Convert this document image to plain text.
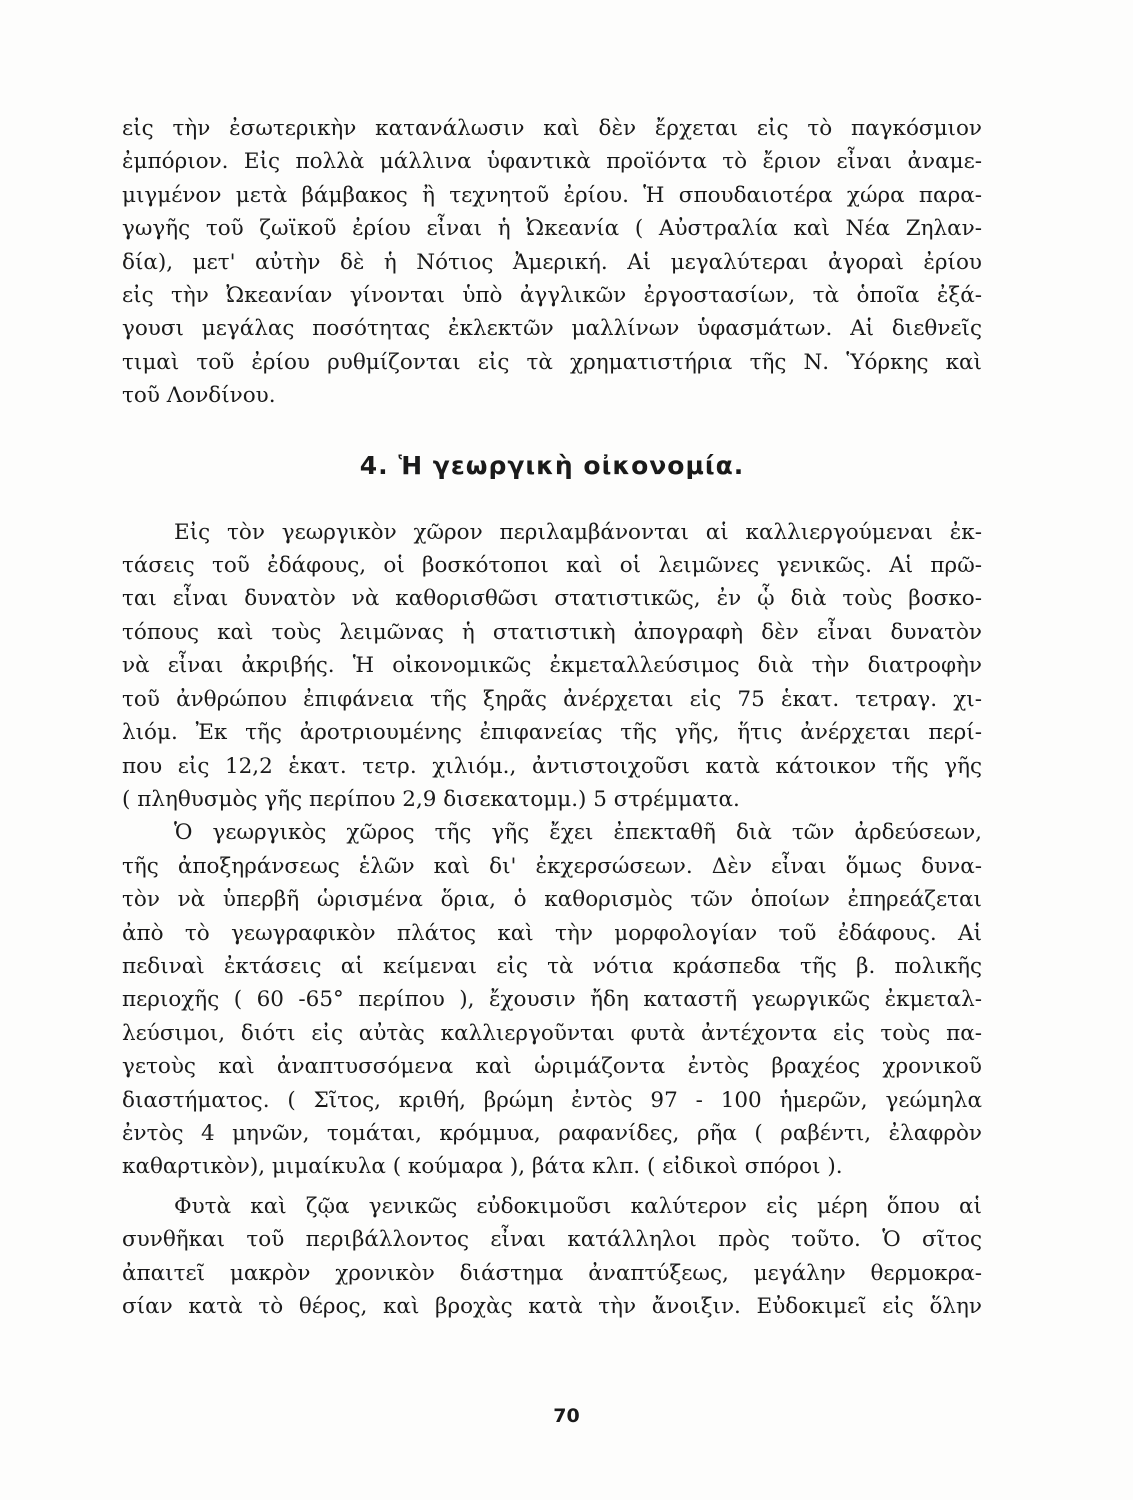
εἰς τὴν ἐσωτερικὴν κατανάλωσιν καὶ δὲν ἔρχεται εἰς τὸ παγκόσμιον
ἐμπόριον. Εἰς πολλὰ μάλλινα ὑφαντικὰ προϊόντα τὸ ἔριον εἶναι ἀναμε-
μιγμένον μετὰ βάμβακος ἢ τεχνητοῦ ἐρίου. Ἡ σπουδαιοτέρα χώρα παρα-
γωγῆς τοῦ ζωϊκοῦ ἐρίου εἶναι ἡ Ὠκεανία ( Αὐστραλία καὶ Νέα Ζηλαν-
δία), μετ' αὐτὴν δὲ ἡ Νότιος Ἀμερική. Αἱ μεγαλύτεραι ἀγοραὶ ἐρίου
εἰς τὴν Ὠκεανίαν γίνονται ὑπὸ ἀγγλικῶν ἐργοστασίων, τὰ ὁποῖα ἐξά-
γουσι μεγάλας ποσότητας ἐκλεκτῶν μαλλίνων ὑφασμάτων. Αἱ διεθνεῖς
τιμαὶ τοῦ ἐρίου ρυθμίζονται εἰς τὰ χρηματιστήρια τῆς Ν. Ὑόρκης καὶ
τοῦ Λονδίνου.
4. Ἡ γεωργικὴ οἰκονομία.
Εἰς τὸν γεωργικὸν χῶρον περιλαμβάνονται αἱ καλλιεργούμεναι ἐκ-
τάσεις τοῦ ἐδάφους, οἱ βοσκότοποι καὶ οἱ λειμῶνες γενικῶς. Αἱ πρῶ-
ται εἶναι δυνατὸν νὰ καθορισθῶσι στατιστικῶς, ἐν ᾧ διὰ τοὺς βοσκο-
τόπους καὶ τοὺς λειμῶνας ἡ στατιστικὴ ἀπογραφὴ δὲν εἶναι δυνατὸν
νὰ εἶναι ἀκριβής. Ἡ οἰκονομικῶς ἐκμεταλλεύσιμος διὰ τὴν διατροφὴν
τοῦ ἀνθρώπου ἐπιφάνεια τῆς ξηρᾶς ἀνέρχεται εἰς 75 ἑκατ. τετραγ. χι-
λιόμ. Ἐκ τῆς ἀροτριουμένης ἐπιφανείας τῆς γῆς, ἥτις ἀνέρχεται περί-
που εἰς 12,2 ἑκατ. τετρ. χιλιόμ., ἀντιστοιχοῦσι κατὰ κάτοικον τῆς γῆς
( πληθυσμὸς γῆς περίπου 2,9 δισεκατομμ.) 5 στρέμματα.
Ὁ γεωργικὸς χῶρος τῆς γῆς ἔχει ἐπεκταθῆ διὰ τῶν ἀρδεύσεων,
τῆς ἀποξηράνσεως ἑλῶν καὶ δι' ἐκχερσώσεων. Δὲν εἶναι ὅμως δυνα-
τὸν νὰ ὑπερβῆ ὡρισμένα ὅρια, ὁ καθορισμὸς τῶν ὁποίων ἐπηρεάζεται
ἀπὸ τὸ γεωγραφικὸν πλάτος καὶ τὴν μορφολογίαν τοῦ ἐδάφους. Αἱ
πεδιναὶ ἐκτάσεις αἱ κείμεναι εἰς τὰ νότια κράσπεδα τῆς β. πολικῆς
περιοχῆς ( 60 -65° περίπου ), ἔχουσιν ἤδη καταστῆ γεωργικῶς ἐκμεταλ-
λεύσιμοι, διότι εἰς αὐτὰς καλλιεργοῦνται φυτὰ ἀντέχοντα εἰς τοὺς πα-
γετοὺς καὶ ἀναπτυσσόμενα καὶ ὡριμάζοντα ἐντὸς βραχέος χρονικοῦ
διαστήματος. ( Σῖτος, κριθή, βρώμη ἐντὸς 97 - 100 ἡμερῶν, γεώμηλα
ἐντὸς 4 μηνῶν, τομάται, κρόμμυα, ραφανίδες, ρῆα ( ραβέντι, ἐλαφρὸν
καθαρτικὸν), μιμαίκυλα ( κούμαρα ), βάτα κλπ. ( εἰδικοὶ σπόροι ).
Φυτὰ καὶ ζῷα γενικῶς εὐδοκιμοῦσι καλύτερον εἰς μέρη ὅπου αἱ
συνθῆκαι τοῦ περιβάλλοντος εἶναι κατάλληλοι πρὸς τοῦτο. Ὁ σῖτος
ἀπαιτεῖ μακρὸν χρονικὸν διάστημα ἀναπτύξεως, μεγάλην θερμοκρα-
σίαν κατὰ τὸ θέρος, καὶ βροχὰς κατὰ τὴν ἄνοιξιν. Εὐδοκιμεῖ εἰς ὅλην
70
